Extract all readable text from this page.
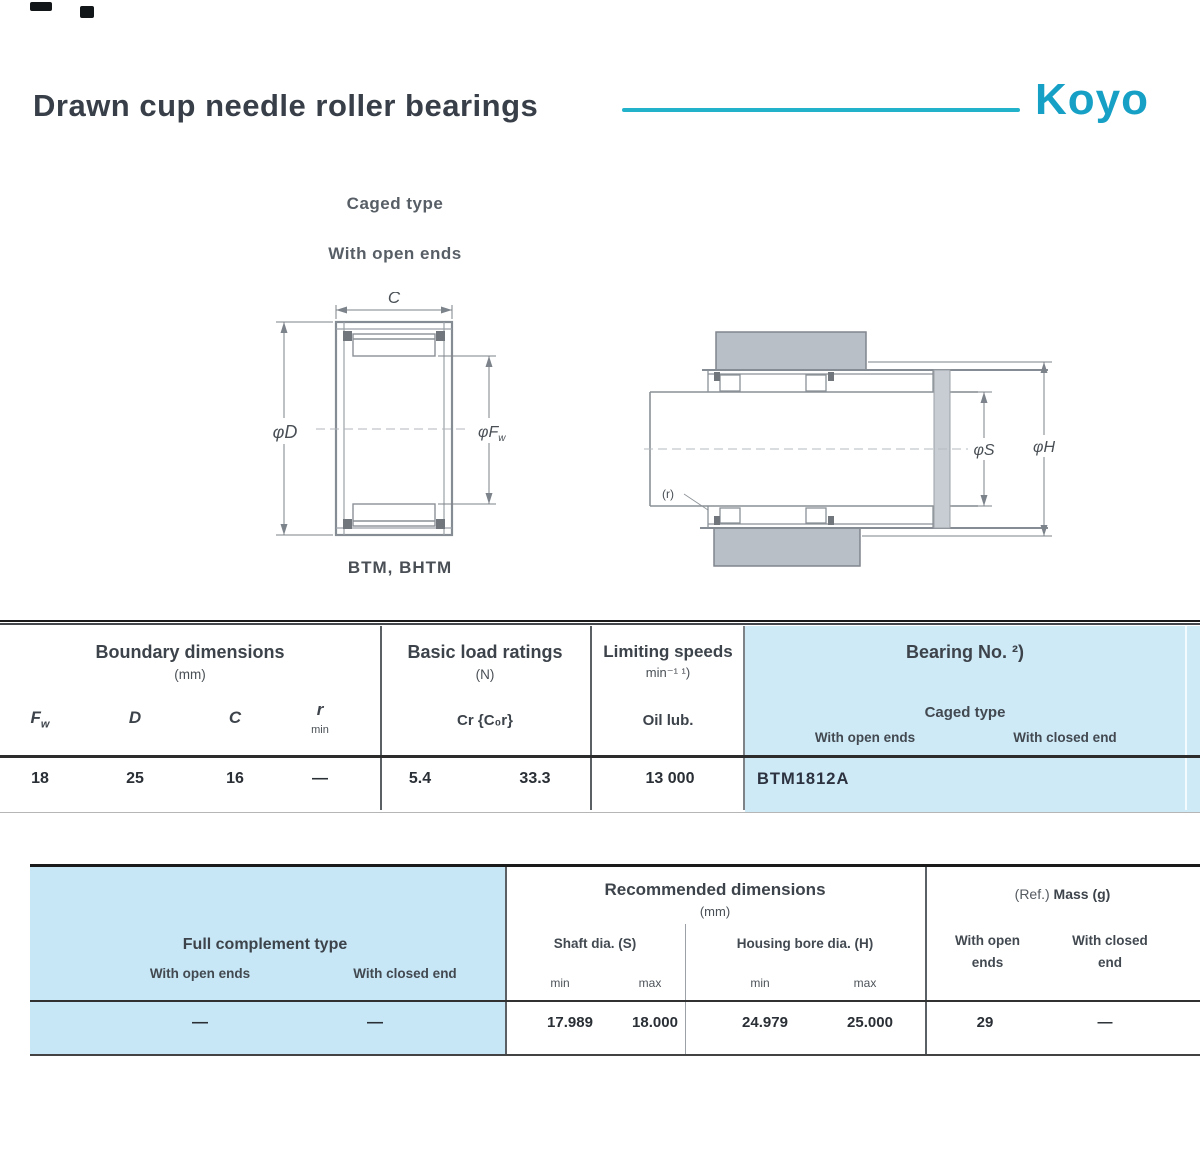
Drawn cup needle roller bearings	Koyo
Caged type
With open ends
C
φD	$\varphi F_w$
BTM, BHTM
φS φH
(r)
Boundary dimensions
(mm)
$F_w$	D	C	r
min
Basic load ratings
(N)
Cr {C₀r}
Limiting speeds
min⁻¹ ¹)
Oil lub.
Bearing No. ²)
Caged type
With open ends	With closed end
18	25	16	—	5.4	33.3	13 000	BTM1812A
Full complement type
With open ends	With closed end
Recommended dimensions
(mm)
Shaft dia. (S)	Housing bore dia. (H)
min	max	min	max
(Ref.) Mass (g)
With open
ends
With closed
end
—	—	17.989	18.000	24.979	25.000	29	—
